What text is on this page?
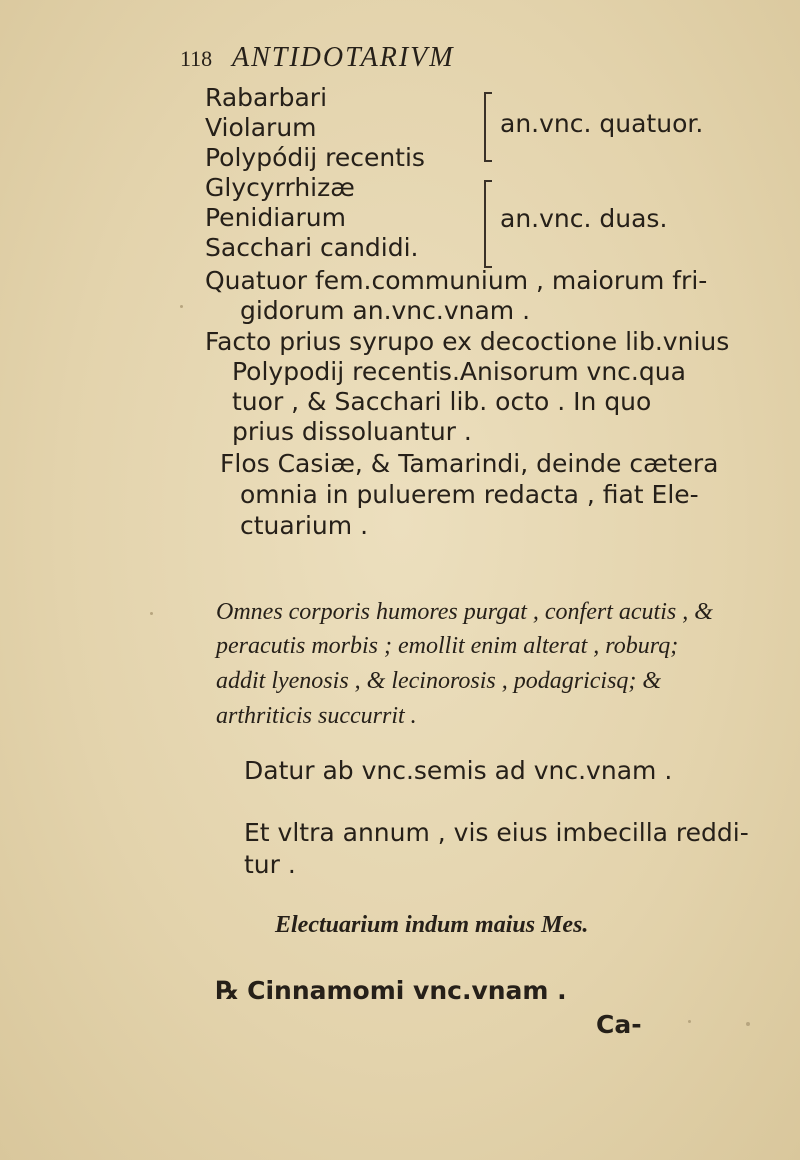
118 ANTIDOTARIVM
Rabarbari
Violarum
Polypódij recentis
Glycyrrhizæ
Penidiarum
Sacchari candidi.
an.vnc. quatuor.
an.vnc. duas.
Quatuor fem.communium , maiorum fri-
gidorum an.vnc.vnam .
Facto prius syrupo ex decoctione lib.vnius
Polypodij recentis.Anisorum vnc.qua
tuor , & Sacchari lib. octo . In quo
prius dissoluantur .
Flos Casiæ, & Tamarindi, deinde cætera
omnia in puluerem redacta , fiat Ele-
ctuarium .
Omnes corporis humores purgat , confert acutis , &
peracutis morbis ; emollit enim alterat , roburq;
addit lyenosis , & lecinorosis , podagricisq; &
arthriticis succurrit .
Datur ab vnc.semis ad vnc.vnam .
Et vltra annum , vis eius imbecilla reddi-
tur .
Electuarium indum maius Mes.
℞ Cinnamomi vnc.vnam .
Ca-
